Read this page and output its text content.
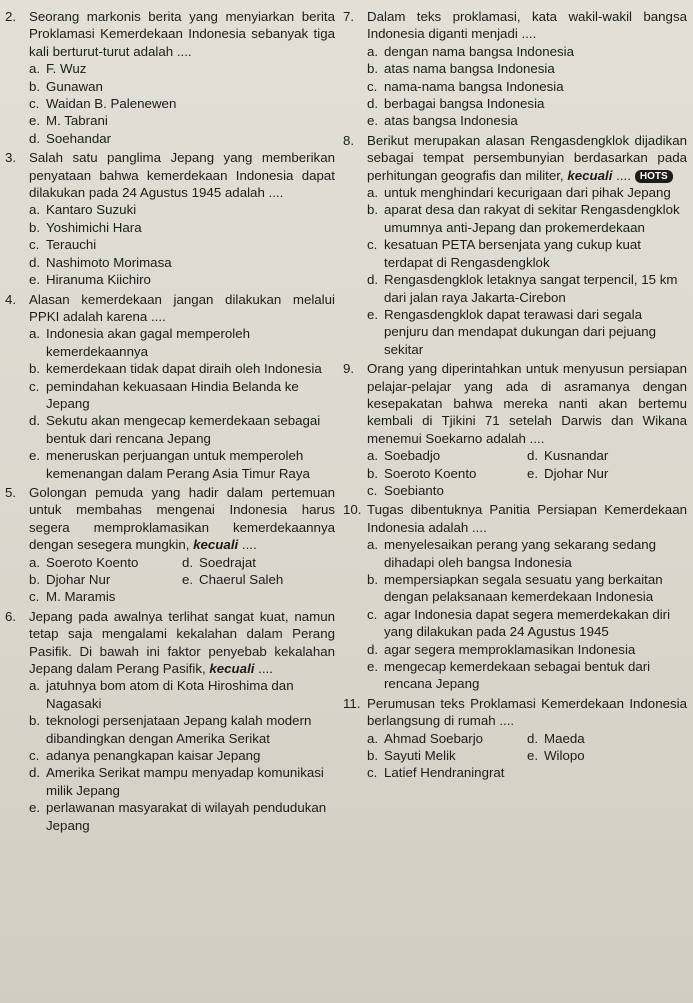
2. Seorang markonis berita yang menyiarkan berita Proklamasi Kemerdekaan Indonesia sebanyak tiga kali berturut-turut adalah ....
a. F. Wuz
b. Gunawan
c. Waidan B. Palenewen
e. M. Tabrani
d. Soehandar
3. Salah satu panglima Jepang yang memberikan penyataan bahwa kemerdekaan Indonesia dapat dilakukan pada 24 Agustus 1945 adalah ....
a. Kantaro Suzuki
b. Yoshimichi Hara
c. Terauchi
d. Nashimoto Morimasa
e. Hiranuma Kiichiro
4. Alasan kemerdekaan jangan dilakukan melalui PPKI adalah karena ....
a. Indonesia akan gagal memperoleh kemerdekaannya
b. kemerdekaan tidak dapat diraih oleh Indonesia
c. pemindahan kekuasaan Hindia Belanda ke Jepang
d. Sekutu akan mengecap kemerdekaan sebagai bentuk dari rencana Jepang
e. meneruskan perjuangan untuk memperoleh kemenangan dalam Perang Asia Timur Raya
5. Golongan pemuda yang hadir dalam pertemuan untuk membahas mengenai Indonesia harus segera memproklamasikan kemerdekaannya dengan sesegera mungkin, kecuali ....
a. Soeroto Koento	d. Soedrajat
b. Djohar Nur	e. Chaerul Saleh
c. M. Maramis
6. Jepang pada awalnya terlihat sangat kuat, namun tetap saja mengalami kekalahan dalam Perang Pasifik. Di bawah ini faktor penyebab kekalahan Jepang dalam Perang Pasifik, kecuali ....
a. jatuhnya bom atom di Kota Hiroshima dan Nagasaki
b. teknologi persenjataan Jepang kalah modern dibandingkan dengan Amerika Serikat
c. adanya penangkapan kaisar Jepang
d. Amerika Serikat mampu menyadap komunikasi milik Jepang
e. perlawanan masyarakat di wilayah pendudukan Jepang
7. Dalam teks proklamasi, kata wakil-wakil bangsa Indonesia diganti menjadi ....
a. dengan nama bangsa Indonesia
b. atas nama bangsa Indonesia
c. nama-nama bangsa Indonesia
d. berbagai bangsa Indonesia
e. atas bangsa Indonesia
8. Berikut merupakan alasan Rengasdengklok dijadikan sebagai tempat persembunyian berdasarkan pada perhitungan geografis dan militer, kecuali .... HOTS
a. untuk menghindari kecurigaan dari pihak Jepang
b. aparat desa dan rakyat di sekitar Rengasdengklok umumnya anti-Jepang dan prokemerdekaan
c. kesatuan PETA bersenjata yang cukup kuat terdapat di Rengasdengklok
d. Rengasdengklok letaknya sangat terpencil, 15 km dari jalan raya Jakarta-Cirebon
e. Rengasdengklok dapat terawasi dari segala penjuru dan mendapat dukungan dari pejuang sekitar
9. Orang yang diperintahkan untuk menyusun persiapan pelajar-pelajar yang ada di asramanya dengan kesepakatan bahwa mereka nanti akan bertemu kembali di Tjikini 71 setelah Darwis dan Wikana menemui Soekarno adalah ....
a. Soebadjo	d. Kusnandar
b. Soeroto Koento	e. Djohar Nur
c. Soebianto
10. Tugas dibentuknya Panitia Persiapan Kemerdekaan Indonesia adalah ....
a. menyelesaikan perang yang sekarang sedang dihadapi oleh bangsa Indonesia
b. mempersiapkan segala sesuatu yang berkaitan dengan pelaksanaan kemerdekaan Indonesia
c. agar Indonesia dapat segera memerdekakan diri yang dilakukan pada 24 Agustus 1945
d. agar segera memproklamasikan Indonesia
e. mengecap kemerdekaan sebagai bentuk dari rencana Jepang
11. Perumusan teks Proklamasi Kemerdekaan Indonesia berlangsung di rumah ....
a. Ahmad Soebarjo	d. Maeda
b. Sayuti Melik	e. Wilopo
c. Latief Hendraningrat
